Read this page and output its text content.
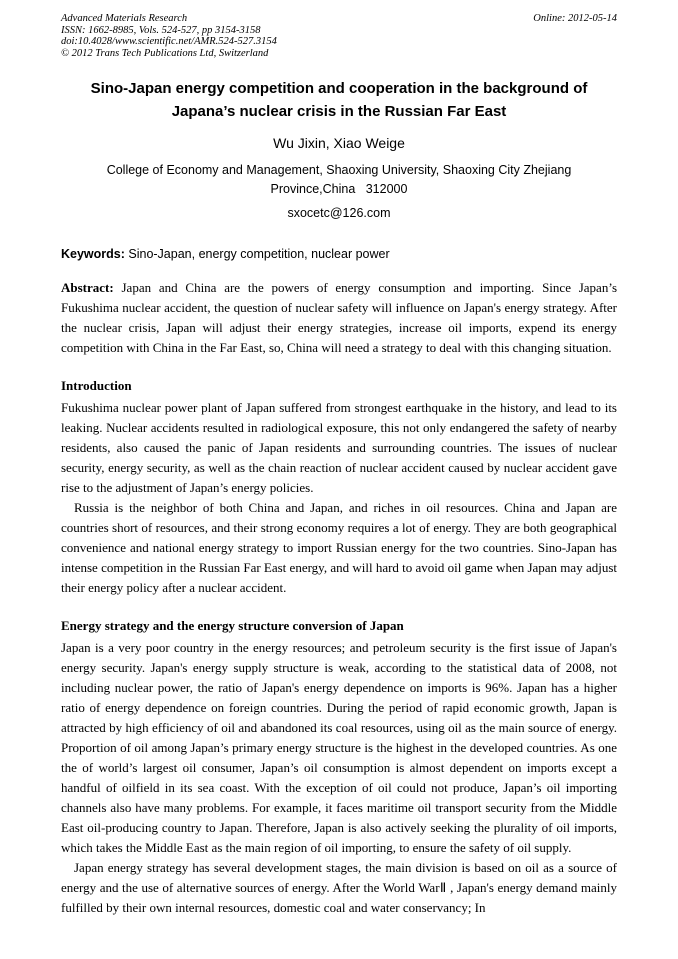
Advanced Materials Research
ISSN: 1662-8985, Vols. 524-527, pp 3154-3158
doi:10.4028/www.scientific.net/AMR.524-527.3154
© 2012 Trans Tech Publications Ltd, Switzerland
Online: 2012-05-14
Sino-Japan energy competition and cooperation in the background of Japana’s nuclear crisis in the Russian Far East
Wu Jixin, Xiao Weige
College of Economy and Management, Shaoxing University, Shaoxing City Zhejiang Province,China   312000
sxocetc@126.com

Keywords: Sino-Japan, energy competition, nuclear power

Abstract: Japan and China are the powers of energy consumption and importing. Since Japan’s Fukushima nuclear accident, the question of nuclear safety will influence on Japan's energy strategy. After the nuclear crisis, Japan will adjust their energy strategies, increase oil imports, expend its energy competition with China in the Far East, so, China will need a strategy to deal with this changing situation.

Introduction

Fukushima nuclear power plant of Japan suffered from strongest earthquake in the history, and lead to its leaking. Nuclear accidents resulted in radiological exposure, this not only endangered the safety of nearby residents, also caused the panic of Japan residents and surrounding countries. The issues of nuclear security, energy security, as well as the chain reaction of nuclear accident caused by nuclear accident gave rise to the adjustment of Japan’s energy policies.

Russia is the neighbor of both China and Japan, and riches in oil resources. China and Japan are countries short of resources, and their strong economy requires a lot of energy. They are both geographical convenience and national energy strategy to import Russian energy for the two countries. Sino-Japan has intense competition in the Russian Far East energy, and will hard to avoid oil game when Japan may adjust their energy policy after a nuclear accident.

Energy strategy and the energy structure conversion of Japan

Japan is a very poor country in the energy resources; and petroleum security is the first issue of Japan's energy security. Japan's energy supply structure is weak, according to the statistical data of 2008, not including nuclear power, the ratio of Japan's energy dependence on imports is 96%. Japan has a higher ratio of energy dependence on foreign countries. During the period of rapid economic growth, Japan is attracted by high efficiency of oil and abandoned its coal resources, using oil as the main source of energy. Proportion of oil among Japan’s primary energy structure is the highest in the developed countries. As one the of world’s largest oil consumer, Japan’s oil consumption is almost dependent on imports except a handful of oilfield in its sea coast. With the exception of oil could not produce, Japan’s oil importing channels also have many problems. For example, it faces maritime oil transport security from the Middle East oil-producing country to Japan. Therefore, Japan is also actively seeking the plurality of oil imports, which takes the Middle East as the main region of oil importing, to ensure the safety of oil supply.

Japan energy strategy has several development stages, the main division is based on oil as a source of energy and the use of alternative sources of energy. After the World WarⅡ , Japan's energy demand mainly fulfilled by their own internal resources, domestic coal and water conservancy; In
